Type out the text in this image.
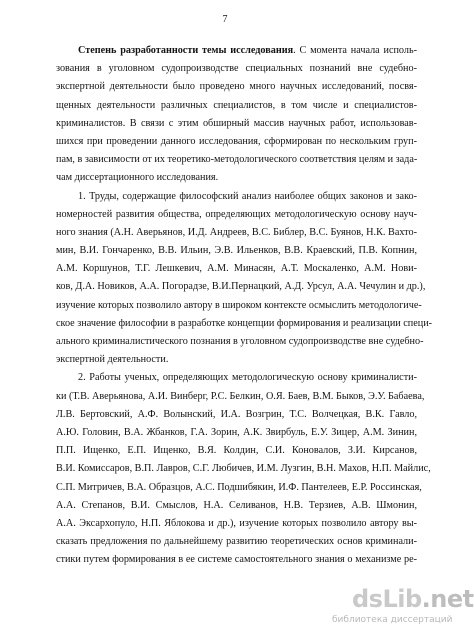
7
Степень разработанности темы исследования. С момента начала исполь-
зования в уголовном судопроизводстве специальных познаний вне судебно-
экспертной деятельности было проведено много научных исследований, посвя-
щенных деятельности различных специалистов, в том числе и специалистов-
криминалистов. В связи с этим обширный массив научных работ, использовав-
шихся при проведении данного исследования, сформирован по нескольким груп-
пам, в зависимости от их теоретико-методологического соответствия целям и зада-
чам диссертационного исследования.
1. Труды, содержащие философский анализ наиболее общих законов и зако-
номерностей развития общества, определяющих методологическую основу науч-
ного знания (А.Н. Аверьянов, И.Д. Андреев, В.С. Библер, В.С. Буянов, Н.К. Вахто-
мин, В.И. Гончаренко, В.В. Ильин, Э.В. Ильенков, В.В. Краевский, П.В. Копнин,
А.М. Коршунов, Т.Г. Лешкевич, А.М. Минасян, А.Т. Москаленко, А.М. Нови-
ков, Д.А. Новиков, А.А. Погорадзе, В.И.Пернацкий, А.Д. Урсул, А.А. Чечулин и др.),
изучение которых позволило автору в широком контексте осмыслить методологиче-
ское значение философии в разработке концепции формирования и реализации специ-
ального криминалистического познания в уголовном судопроизводстве вне судебно-
экспертной деятельности.
2. Работы ученых, определяющих методологическую основу криминалисти-
ки (Т.В. Аверьянова, А.И. Винберг, Р.С. Белкин, О.Я. Баев, В.М. Быков, Э.У. Бабаева,
Л.В. Бертовский, А.Ф. Волынский, И.А. Возгрин, Т.С. Волчецкая, В.К. Гавло,
А.Ю. Головин, В.А. Жбанков, Г.А. Зорин, А.К. Звирбуль, Е.У. Зицер, А.М. Зинин,
П.П. Ищенко, Е.П. Ищенко, В.Я. Колдин, С.И. Коновалов, З.И. Кирсанов,
В.И. Комиссаров, В.П. Лавров, С.Г. Любичев, И.М. Лузгин, В.Н. Махов, Н.П. Майлис,
С.П. Митричев, В.А. Образцов, А.С. Подшибякин, И.Ф. Пантелеев, Е.Р. Россинская,
А.А. Степанов, В.И. Смыслов, Н.А. Селиванов, Н.В. Терзиев, А.В. Шмонин,
А.А. Эксархопуло, Н.П. Яблокова и др.), изучение которых позволило автору вы-
сказать предложения по дальнейшему развитию теоретических основ криминали-
стики путем формирования в ее системе самостоятельного знания о механизме ре-
dsLib.net
библиотека диссертаций
